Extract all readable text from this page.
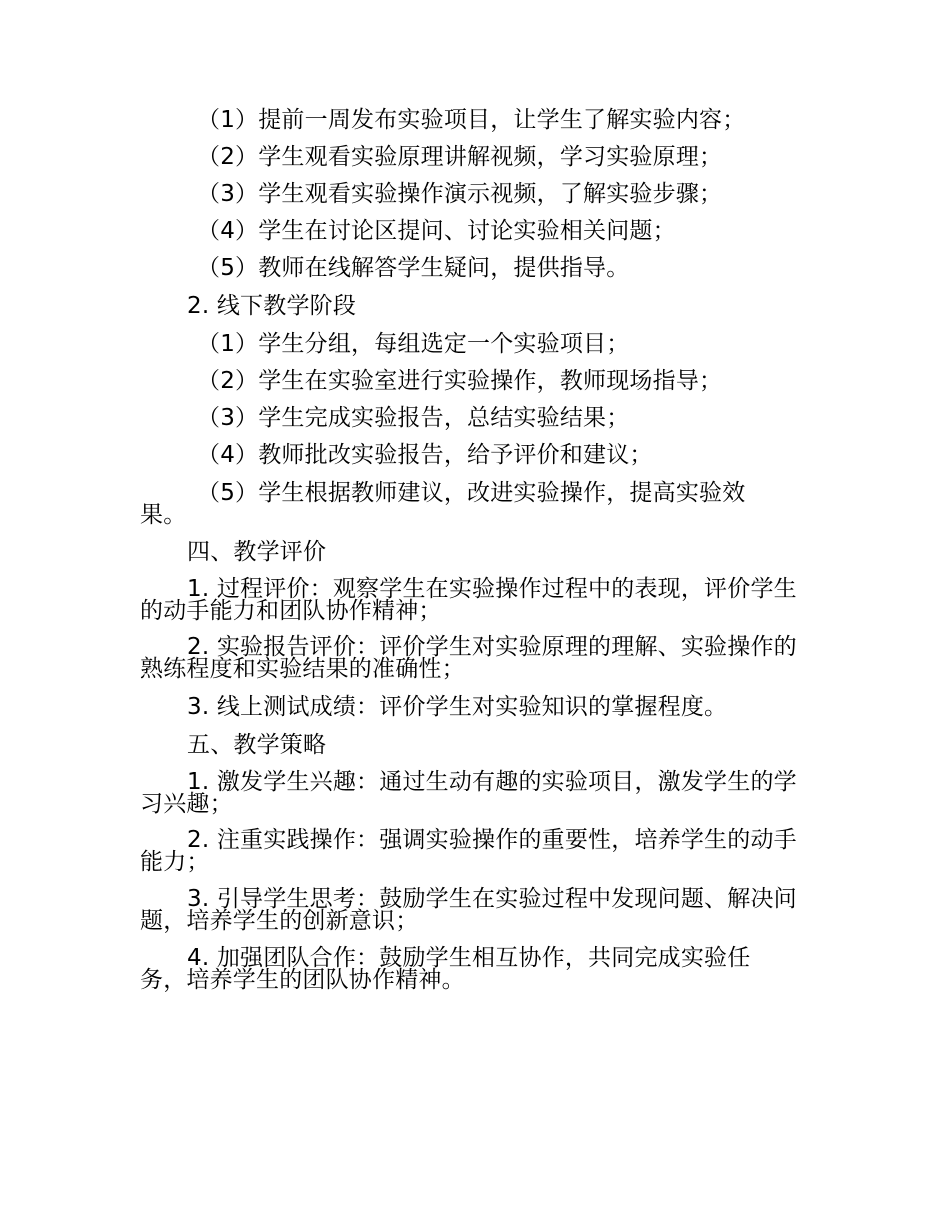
（1）提前一周发布实验项目，让学生了解实验内容；
（2）学生观看实验原理讲解视频，学习实验原理；
（3）学生观看实验操作演示视频，了解实验步骤；
（4）学生在讨论区提问、讨论实验相关问题；
（5）教师在线解答学生疑问，提供指导。
2. 线下教学阶段
（1）学生分组，每组选定一个实验项目；
（2）学生在实验室进行实验操作，教师现场指导；
（3）学生完成实验报告，总结实验结果；
（4）教师批改实验报告，给予评价和建议；
（5）学生根据教师建议，改进实验操作，提高实验效果。
四、教学评价
1. 过程评价：观察学生在实验操作过程中的表现，评价学生的动手能力和团队协作精神；
2. 实验报告评价：评价学生对实验原理的理解、实验操作的熟练程度和实验结果的准确性；
3. 线上测试成绩：评价学生对实验知识的掌握程度。
五、教学策略
1. 激发学生兴趣：通过生动有趣的实验项目，激发学生的学习兴趣；
2. 注重实践操作：强调实验操作的重要性，培养学生的动手能力；
3. 引导学生思考：鼓励学生在实验过程中发现问题、解决问题，培养学生的创新意识；
4. 加强团队合作：鼓励学生相互协作，共同完成实验任务，培养学生的团队协作精神。
